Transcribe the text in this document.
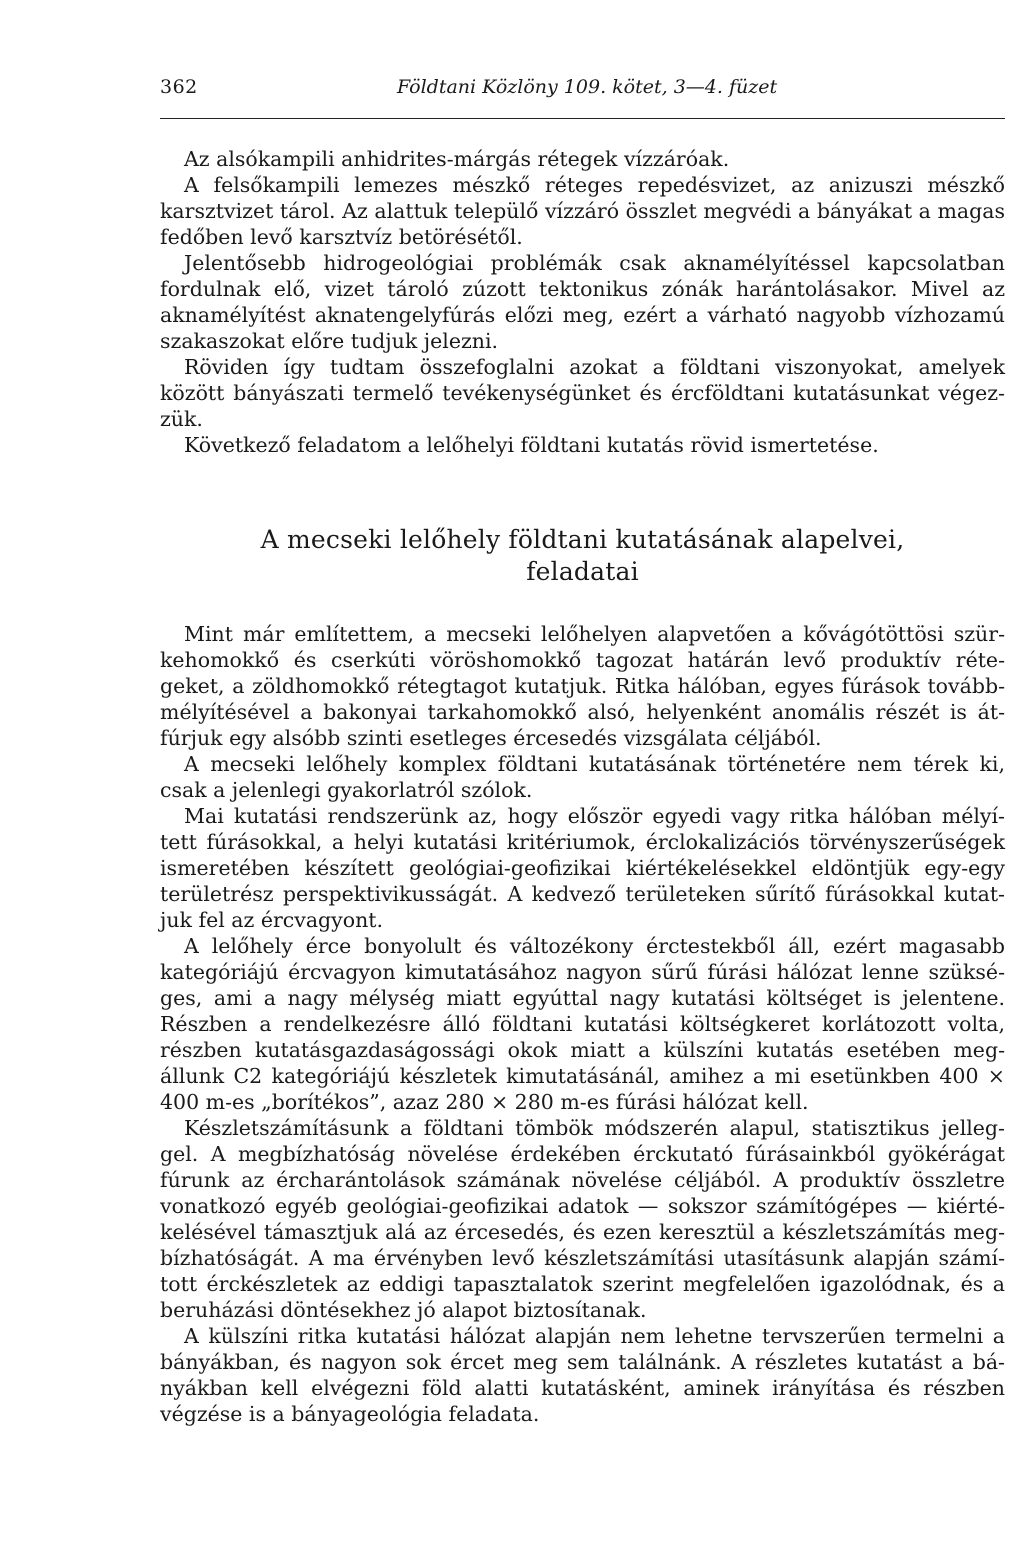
362	Földtani Közlöny 109. kötet, 3—4. füzet

Az alsókampili anhidrites-márgás rétegek vízzáróak.

A felsőkampili lemezes mészkő réteges repedésvizet, az anizuszi mészkő karsztvizet tárol. Az alattuk települő vízzáró összlet megvédi a bányákat a magas fedőben levő karsztvíz betörésétől.

Jelentősebb hidrogeológiai problémák csak aknamélyítéssel kapcsolatban fordulnak elő, vizet tároló zúzott tektonikus zónák harántolásakor. Mivel az aknamélyítést aknatengelyfúrás előzi meg, ezért a várható nagyobb vízhozamú szakaszokat előre tudjuk jelezni.

Röviden így tudtam összefoglalni azokat a földtani viszonyokat, amelyek között bányászati termelő tevékenységünket és ércföldtani kutatásunkat végez- zük.

Következő feladatom a lelőhelyi földtani kutatás rövid ismertetése.

A mecseki lelőhely földtani kutatásának alapelvei,
feladatai

Mint már említettem, a mecseki lelőhelyen alapvetően a kővágótöttösi szür- kehomokkő és cserkúti vöröshomokkő tagozat határán levő produktív réte- geket, a zöldhomokkő rétegtagot kutatjuk. Ritka hálóban, egyes fúrások tovább- mélyítésével a bakonyai tarkahomokkő alsó, helyenként anomális részét is át- fúrjuk egy alsóbb szinti esetleges ércesedés vizsgálata céljából.

A mecseki lelőhely komplex földtani kutatásának történetére nem térek ki, csak a jelenlegi gyakorlatról szólok.

Mai kutatási rendszerünk az, hogy először egyedi vagy ritka hálóban mélyí- tett fúrásokkal, a helyi kutatási kritériumok, érclokalizációs törvényszerűségek ismeretében készített geológiai-geofizikai kiértékelésekkel eldöntjük egy-egy területrész perspektivikusságát. A kedvező területeken sűrítő fúrásokkal kutat- juk fel az ércvagyont.

A lelőhely érce bonyolult és változékony érctestekből áll, ezért magasabb kategóriájú ércvagyon kimutatásához nagyon sűrű fúrási hálózat lenne szüksé- ges, ami a nagy mélység miatt egyúttal nagy kutatási költséget is jelentene. Részben a rendelkezésre álló földtani kutatási költségkeret korlátozott volta, részben kutatásgazdaságossági okok miatt a külszíni kutatás esetében meg- állunk C2 kategóriájú készletek kimutatásánál, amihez a mi esetünkben 400 × 400 m-es „borítékos”, azaz 280 × 280 m-es fúrási hálózat kell.

Készletszámításunk a földtani tömbök módszerén alapul, statisztikus jelleg- gel. A megbízhatóság növelése érdekében érckutató fúrásainkból gyökérágat fúrunk az ércharántolások számának növelése céljából. A produktív összletre vonatkozó egyéb geológiai-geofizikai adatok — sokszor számítógépes — kiérté- kelésével támasztjuk alá az ércesedés, és ezen keresztül a készletszámítás meg- bízhatóságát. A ma érvényben levő készletszámítási utasításunk alapján számí- tott érckészletek az eddigi tapasztalatok szerint megfelelően igazolódnak, és a beruházási döntésekhez jó alapot biztosítanak.

A külszíni ritka kutatási hálózat alapján nem lehetne tervszerűen termelni a bányákban, és nagyon sok ércet meg sem találnánk. A részletes kutatást a bá- nyákban kell elvégezni föld alatti kutatásként, aminek irányítása és részben végzése is a bányageológia feladata.
